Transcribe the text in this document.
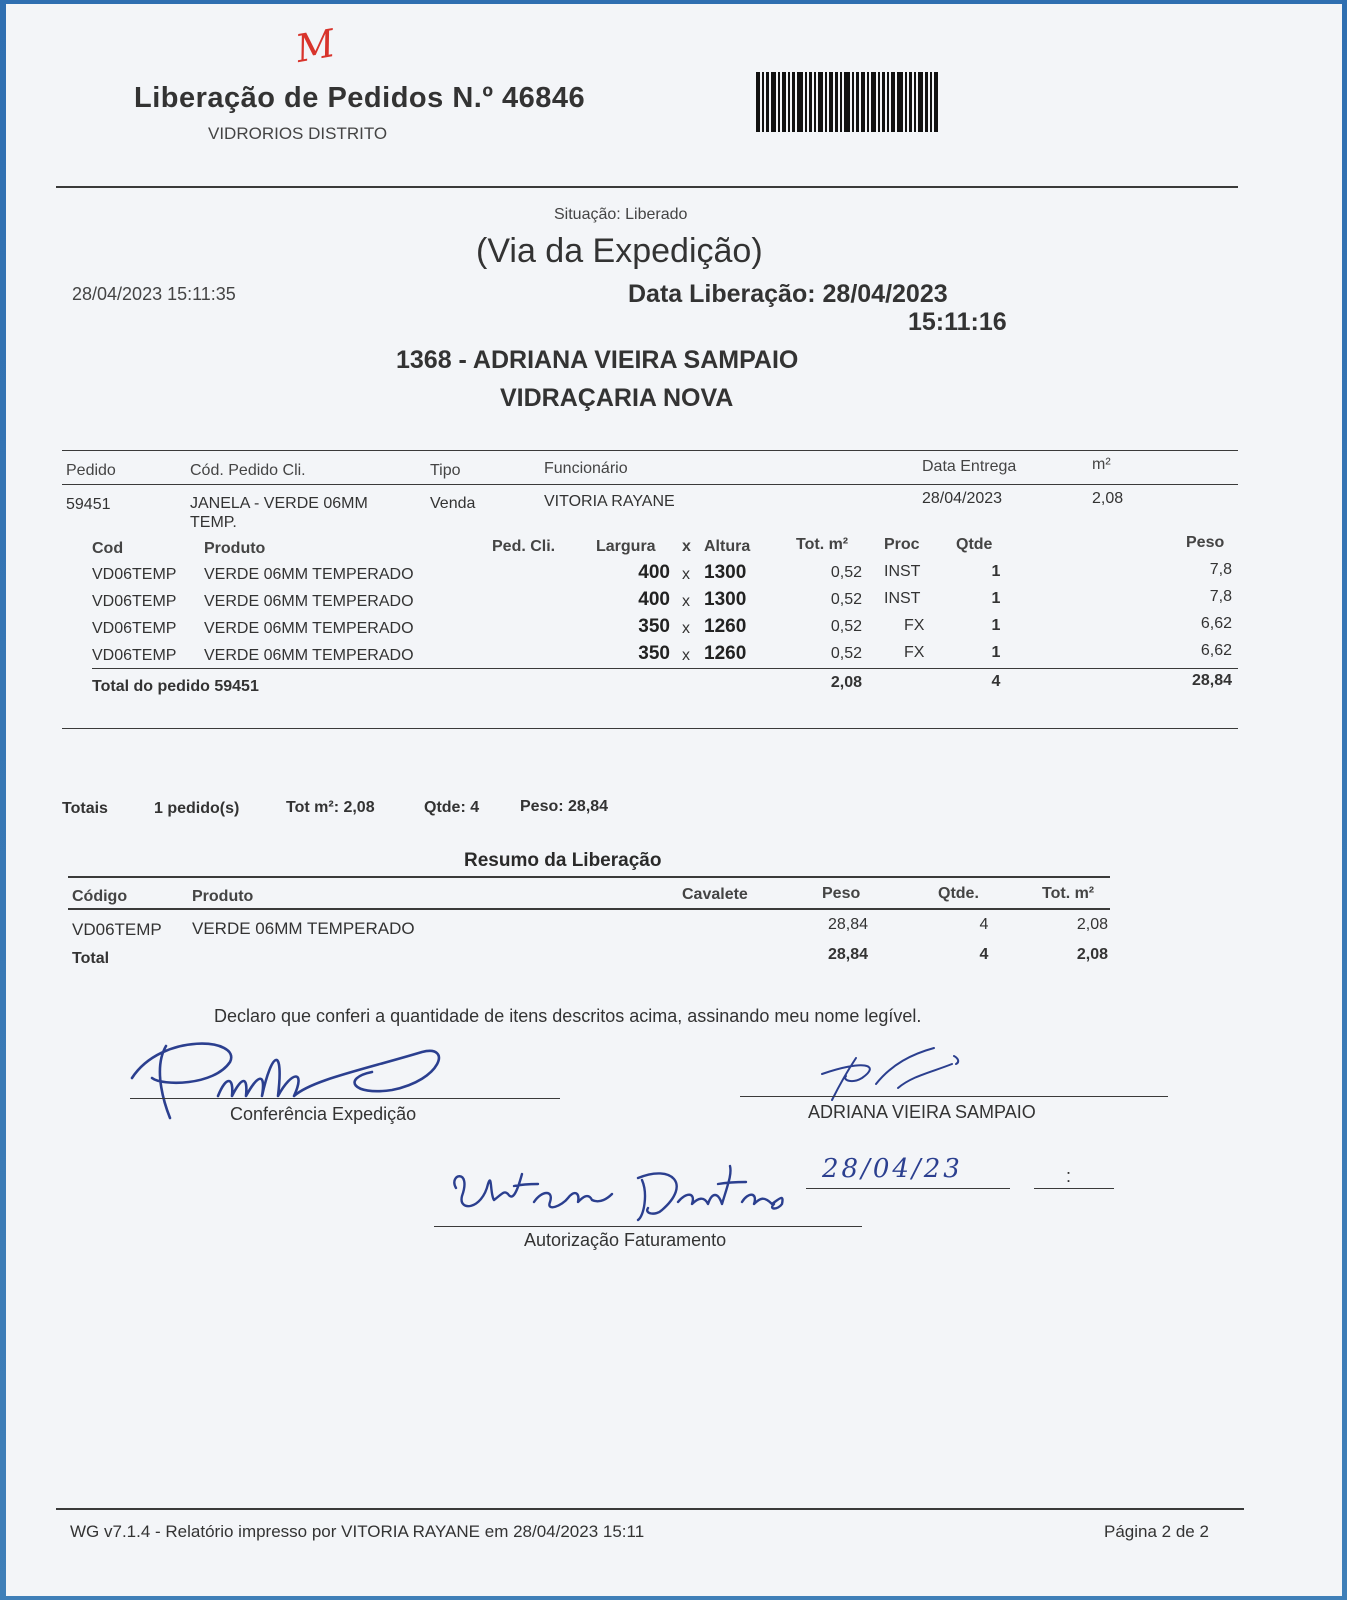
M
Liberação de Pedidos N.º 46846
VIDRORIOS DISTRITO
Situação: Liberado
(Via da Expedição)
28/04/2023 15:11:35	Data Liberação: 28/04/2023
15:11:16
1368 - ADRIANA VIEIRA SAMPAIO
VIDRAÇARIA NOVA
Pedido	Cód. Pedido Cli.	Tipo	Funcionário	Data Entrega	m²
59451	JANELA - VERDE 06MM
TEMP.
Venda	VITORIA RAYANE	28/04/2023	2,08
Cod	Produto	Ped. Cli.	Largura x Altura	Tot. m² Proc Qtde	Peso
VD06TEMP VERDE 06MM TEMPERADO	400 x 1300	0,52 INST	1	7,8
VD06TEMP VERDE 06MM TEMPERADO	400 x 1300	0,52 INST	1	7,8
VD06TEMP VERDE 06MM TEMPERADO	350 x 1260	0,52	FX	1	6,62
VD06TEMP VERDE 06MM TEMPERADO	350 x 1260	0,52	FX	1	6,62
Total do pedido 59451	2,08	4	28,84
Totais	1 pedido(s)	Tot m²: 2,08	Qtde: 4	Peso: 28,84
Resumo da Liberação
Código	Produto	Cavalete	Peso	Qtde.	Tot. m²
VD06TEMP VERDE 06MM TEMPERADO	28,84	4	2,08
Total	28,84	4	2,08
Declaro que conferi a quantidade de itens descritos acima, assinando meu nome legível.
Conferência Expedição	ADRIANA VIEIRA SAMPAIO
28/04/23	:
Autorização Faturamento
WG v7.1.4 - Relatório impresso por VITORIA RAYANE em 28/04/2023 15:11	Página 2 de 2
